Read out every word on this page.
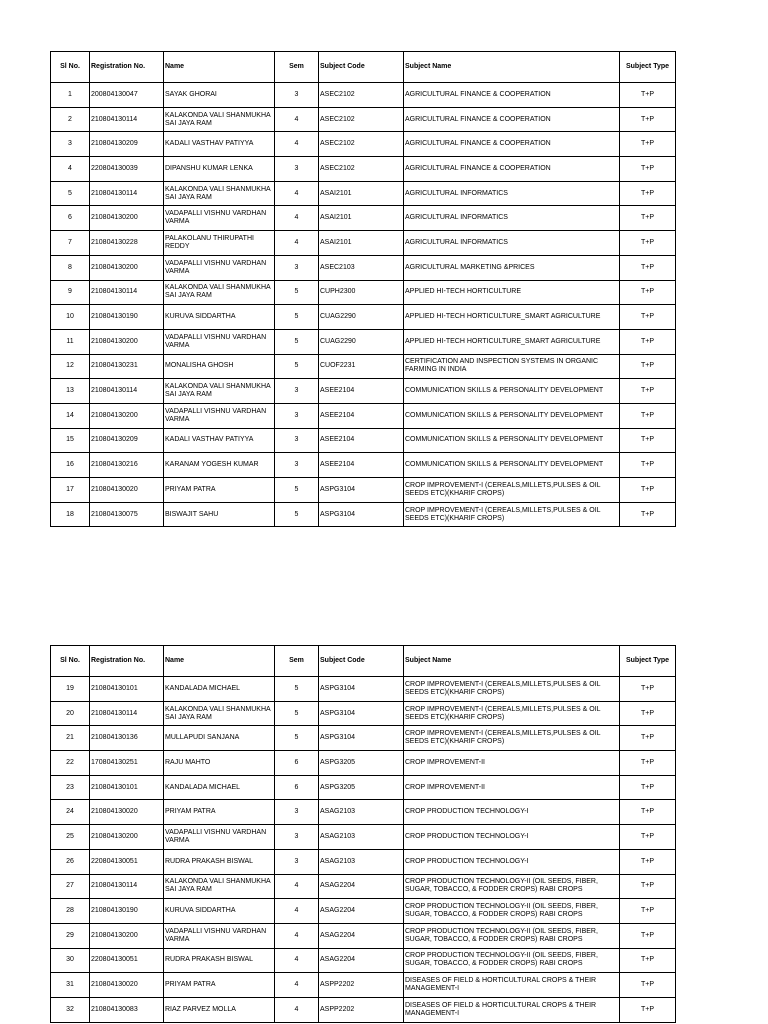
Sl No.	Registration No.	Name	Sem	Subject Code	Subject Name	Subject Type
1	200804130047	SAYAK GHORAI	3	ASEC2102	AGRICULTURAL FINANCE & COOPERATION	T+P
2	210804130114	KALAKONDA VALI SHANMUKHA SAI JAYA RAM	4	ASEC2102	AGRICULTURAL FINANCE & COOPERATION	T+P
3	210804130209	KADALI VASTHAV PATIYYA	4	ASEC2102	AGRICULTURAL FINANCE & COOPERATION	T+P
4	220804130039	DIPANSHU KUMAR LENKA	3	ASEC2102	AGRICULTURAL FINANCE & COOPERATION	T+P
5	210804130114	KALAKONDA VALI SHANMUKHA SAI JAYA RAM	4	ASAI2101	AGRICULTURAL INFORMATICS	T+P
6	210804130200	VADAPALLI VISHNU VARDHAN VARMA	4	ASAI2101	AGRICULTURAL INFORMATICS	T+P
7	210804130228	PALAKOLANU THIRUPATHI REDDY	4	ASAI2101	AGRICULTURAL INFORMATICS	T+P
8	210804130200	VADAPALLI VISHNU VARDHAN VARMA	3	ASEC2103	AGRICULTURAL MARKETING &PRICES	T+P
9	210804130114	KALAKONDA VALI SHANMUKHA SAI JAYA RAM	5	CUPH2300	APPLIED HI-TECH HORTICULTURE	T+P
10	210804130190	KURUVA SIDDARTHA	5	CUAG2290	APPLIED HI-TECH HORTICULTURE_SMART AGRICULTURE	T+P
11	210804130200	VADAPALLI VISHNU VARDHAN VARMA	5	CUAG2290	APPLIED HI-TECH HORTICULTURE_SMART AGRICULTURE	T+P
12	210804130231	MONALISHA GHOSH	5	CUOF2231	CERTIFICATION AND INSPECTION SYSTEMS IN ORGANIC FARMING IN INDIA	T+P
13	210804130114	KALAKONDA VALI SHANMUKHA SAI JAYA RAM	3	ASEE2104	COMMUNICATION SKILLS & PERSONALITY DEVELOPMENT	T+P
14	210804130200	VADAPALLI VISHNU VARDHAN VARMA	3	ASEE2104	COMMUNICATION SKILLS & PERSONALITY DEVELOPMENT	T+P
15	210804130209	KADALI VASTHAV PATIYYA	3	ASEE2104	COMMUNICATION SKILLS & PERSONALITY DEVELOPMENT	T+P
16	210804130216	KARANAM YOGESH KUMAR	3	ASEE2104	COMMUNICATION SKILLS & PERSONALITY DEVELOPMENT	T+P
17	210804130020	PRIYAM PATRA	5	ASPG3104	CROP IMPROVEMENT-I (CEREALS,MILLETS,PULSES & OIL SEEDS ETC)(KHARIF CROPS)	T+P
18	210804130075	BISWAJIT SAHU	5	ASPG3104	CROP IMPROVEMENT-I (CEREALS,MILLETS,PULSES & OIL SEEDS ETC)(KHARIF CROPS)	T+P
Sl No.	Registration No.	Name	Sem	Subject Code	Subject Name	Subject Type
19	210804130101	KANDALADA MICHAEL	5	ASPG3104	CROP IMPROVEMENT-I (CEREALS,MILLETS,PULSES & OIL SEEDS ETC)(KHARIF CROPS)	T+P
20	210804130114	KALAKONDA VALI SHANMUKHA SAI JAYA RAM	5	ASPG3104	CROP IMPROVEMENT-I (CEREALS,MILLETS,PULSES & OIL SEEDS ETC)(KHARIF CROPS)	T+P
21	210804130136	MULLAPUDI SANJANA	5	ASPG3104	CROP IMPROVEMENT-I (CEREALS,MILLETS,PULSES & OIL SEEDS ETC)(KHARIF CROPS)	T+P
22	170804130251	RAJU MAHTO	6	ASPG3205	CROP IMPROVEMENT-II	T+P
23	210804130101	KANDALADA MICHAEL	6	ASPG3205	CROP IMPROVEMENT-II	T+P
24	210804130020	PRIYAM PATRA	3	ASAG2103	CROP PRODUCTION TECHNOLOGY-I	T+P
25	210804130200	VADAPALLI VISHNU VARDHAN VARMA	3	ASAG2103	CROP PRODUCTION TECHNOLOGY-I	T+P
26	220804130051	RUDRA PRAKASH BISWAL	3	ASAG2103	CROP PRODUCTION TECHNOLOGY-I	T+P
27	210804130114	KALAKONDA VALI SHANMUKHA SAI JAYA RAM	4	ASAG2204	CROP PRODUCTION TECHNOLOGY-II (OIL SEEDS, FIBER, SUGAR, TOBACCO, & FODDER CROPS) RABI CROPS	T+P
28	210804130190	KURUVA SIDDARTHA	4	ASAG2204	CROP PRODUCTION TECHNOLOGY-II (OIL SEEDS, FIBER, SUGAR, TOBACCO, & FODDER CROPS) RABI CROPS	T+P
29	210804130200	VADAPALLI VISHNU VARDHAN VARMA	4	ASAG2204	CROP PRODUCTION TECHNOLOGY-II (OIL SEEDS, FIBER, SUGAR, TOBACCO, & FODDER CROPS) RABI CROPS	T+P
30	220804130051	RUDRA PRAKASH BISWAL	4	ASAG2204	CROP PRODUCTION TECHNOLOGY-II (OIL SEEDS, FIBER, SUGAR, TOBACCO, & FODDER CROPS) RABI CROPS	T+P
31	210804130020	PRIYAM PATRA	4	ASPP2202	DISEASES OF FIELD & HORTICULTURAL CROPS & THEIR MANAGEMENT-I	T+P
32	210804130083	RIAZ PARVEZ MOLLA	4	ASPP2202	DISEASES OF FIELD & HORTICULTURAL CROPS & THEIR MANAGEMENT-I	T+P
